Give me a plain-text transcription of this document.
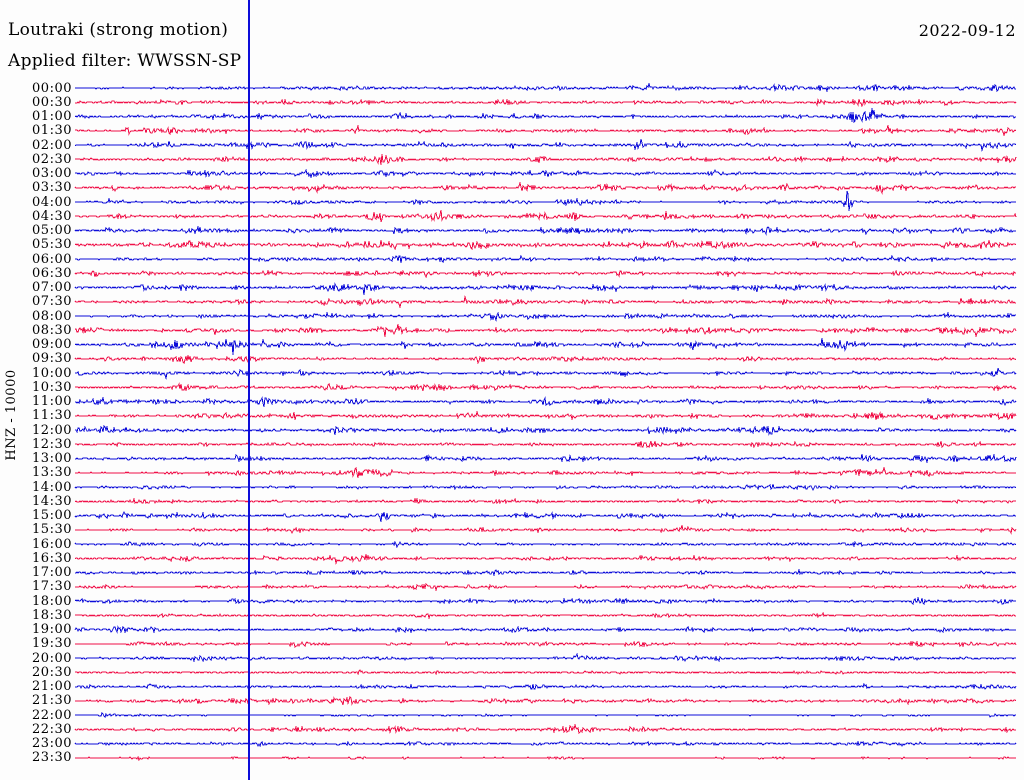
Loutraki (strong motion)
Applied filter: WWSSN-SP
2022-09-12
HNZ - 10000
00:00
00:30
01:00
01:30
02:00
02:30
03:00
03:30
04:00
04:30
05:00
05:30
06:00
06:30
07:00
07:30
08:00
08:30
09:00
09:30
10:00
10:30
11:00
11:30
12:00
12:30
13:00
13:30
14:00
14:30
15:00
15:30
16:00
16:30
17:00
17:30
18:00
18:30
19:00
19:30
20:00
20:30
21:00
21:30
22:00
22:30
23:00
23:30
